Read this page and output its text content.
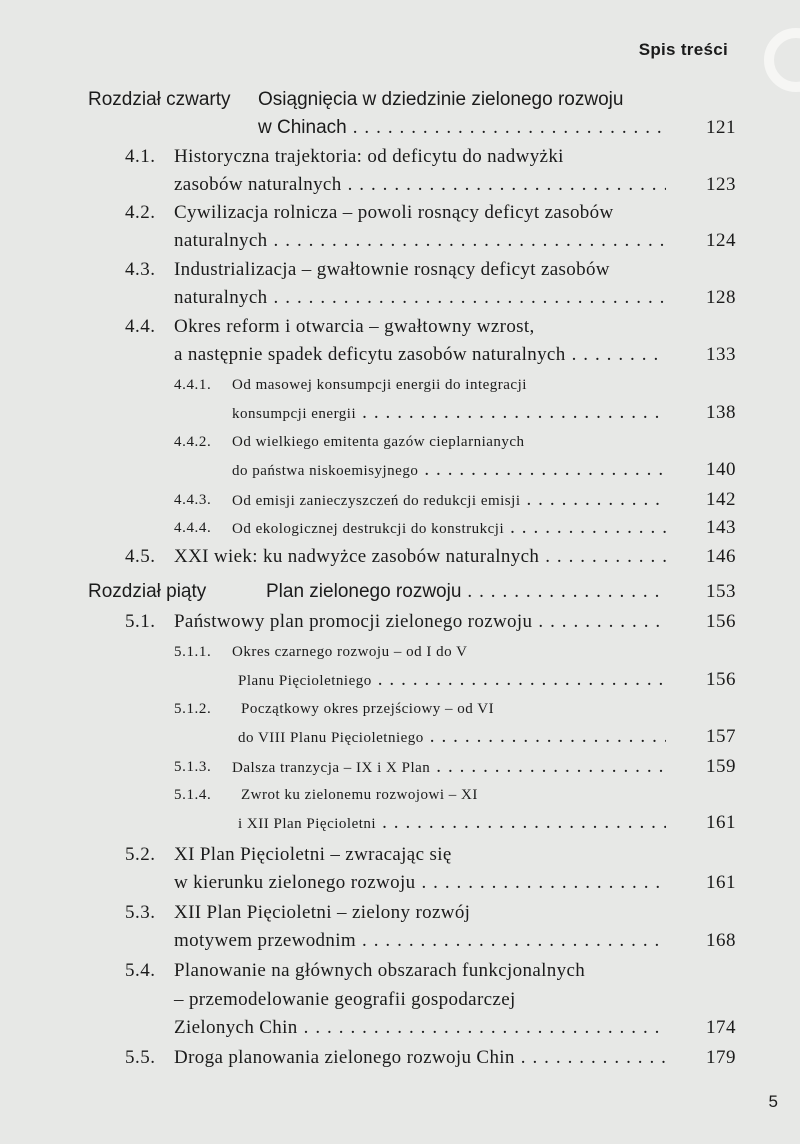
Spis treści
Rozdział czwarty Osiągnięcia w dziedzinie zielonego rozwoju
w Chinach . . .	121
4.1. Historyczna trajektoria: od deficytu do nadwyżki
zasobów naturalnych . . .	123
4.2. Cywilizacja rolnicza – powoli rosnący deficyt zasobów
naturalnych . . .	124
4.3. Industrializacja – gwałtownie rosnący deficyt zasobów
naturalnych . . .	128
4.4. Okres reform i otwarcia – gwałtowny wzrost,
a następnie spadek deficytu zasobów naturalnych . . .	133
4.4.1. Od masowej konsumpcji energii do integracji
konsumpcji energii . . .	138
4.4.2. Od wielkiego emitenta gazów cieplarnianych
do państwa niskoemisyjnego . . .	140
4.4.3. Od emisji zanieczyszczeń do redukcji emisji . . .	142
4.4.4. Od ekologicznej destrukcji do konstrukcji . . .	143
4.5. XXI wiek: ku nadwyżce zasobów naturalnych . . .	146
Rozdział piąty	Plan zielonego rozwoju . . .	153
5.1. Państwowy plan promocji zielonego rozwoju . . .	156
5.1.1. Okres czarnego rozwoju – od I do V
Planu Pięcioletniego . . .	156
5.1.2. Początkowy okres przejściowy – od VI
do VIII Planu Pięcioletniego . . .	157
5.1.3. Dalsza tranzycja – IX i X Plan . . .	159
5.1.4. Zwrot ku zielonemu rozwojowi – XI
i XII Plan Pięcioletni . . .	161
5.2. XI Plan Pięcioletni – zwracając się
w kierunku zielonego rozwoju . . .	161
5.3. XII Plan Pięcioletni – zielony rozwój
motywem przewodnim . . .	168
5.4. Planowanie na głównych obszarach funkcjonalnych
– przemodelowanie geografii gospodarczej
Zielonych Chin . . .	174
5.5. Droga planowania zielonego rozwoju Chin . . .	179
5
